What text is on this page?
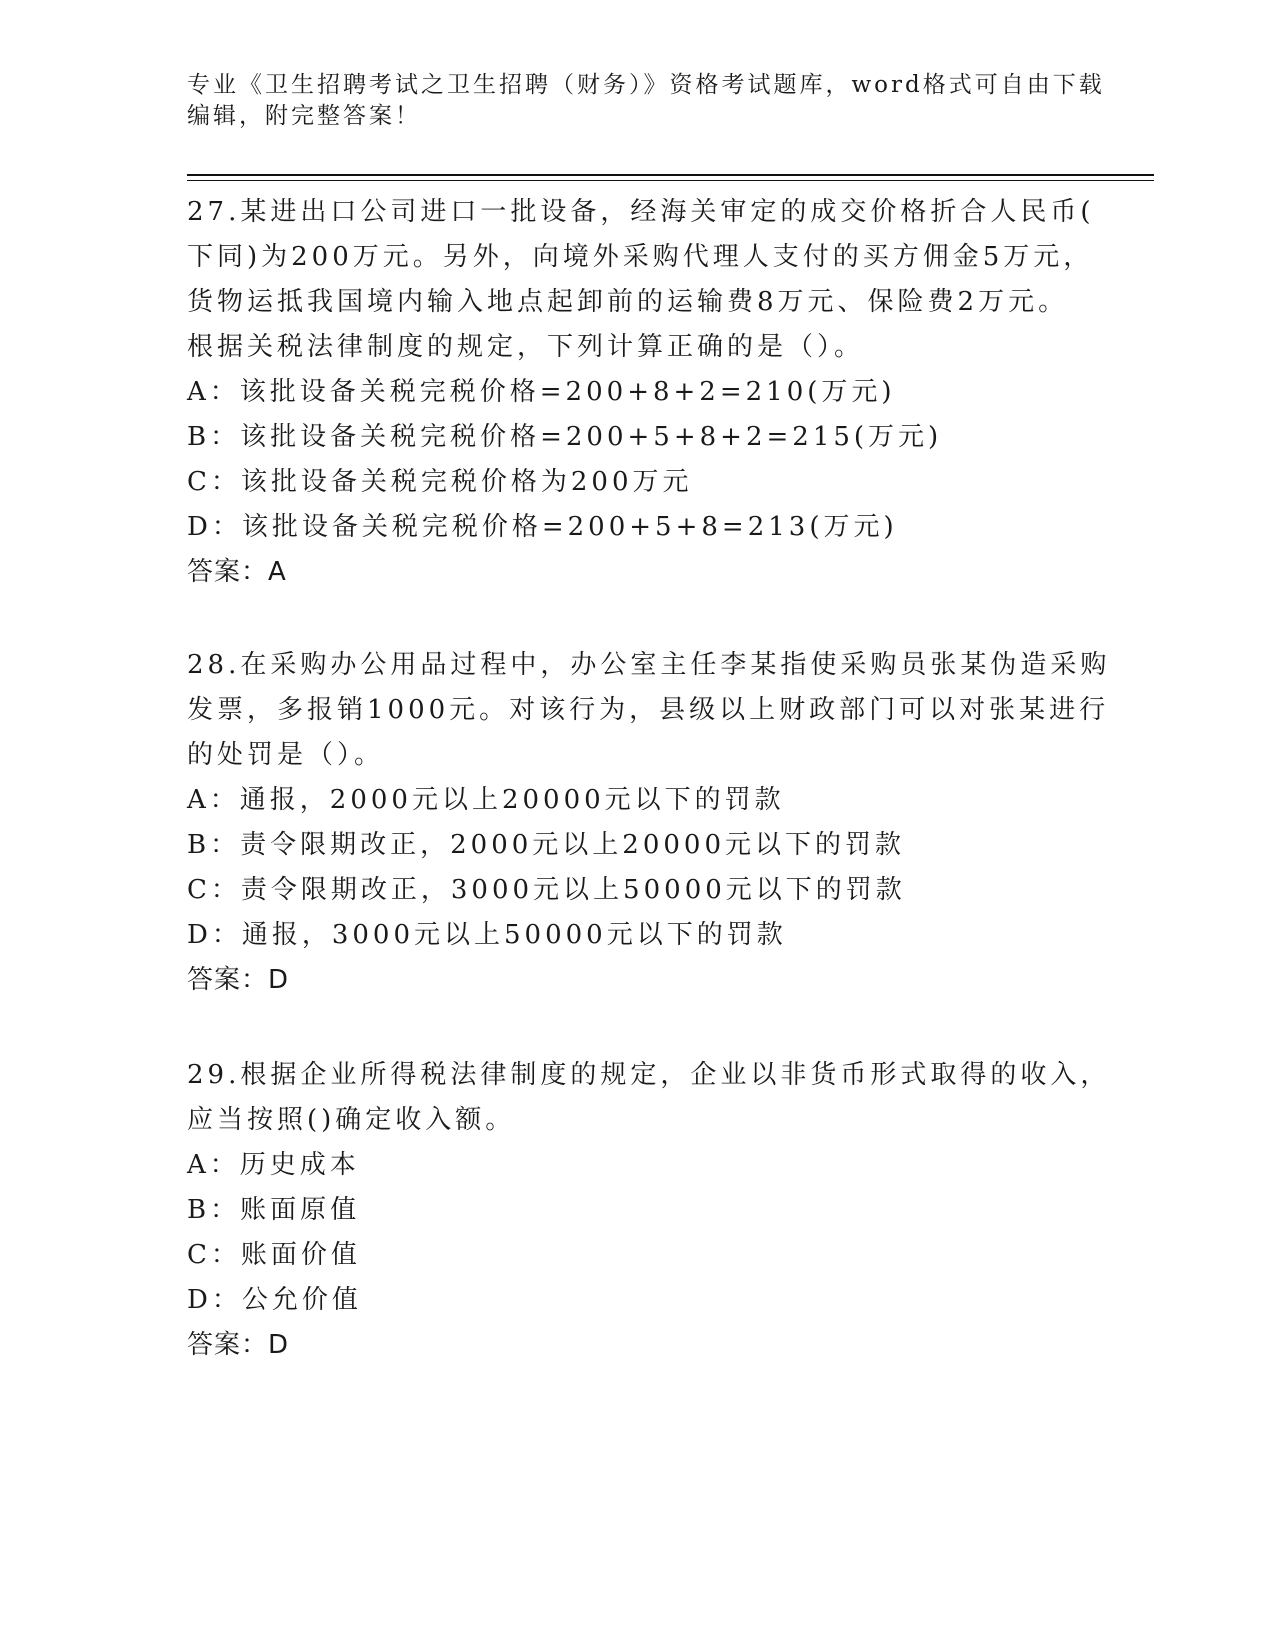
专业《卫生招聘考试之卫生招聘（财务）》资格考试题库，word格式可自由下载
编辑，附完整答案！
27.某进出口公司进口一批设备，经海关审定的成交价格折合人民币(
下同)为200万元。另外，向境外采购代理人支付的买方佣金5万元，
货物运抵我国境内输入地点起卸前的运输费8万元、保险费2万元。
根据关税法律制度的规定，下列计算正确的是（）。
A：该批设备关税完税价格=200+8+2=210(万元)
B：该批设备关税完税价格=200+5+8+2=215(万元)
C：该批设备关税完税价格为200万元
D：该批设备关税完税价格=200+5+8=213(万元)
答案：A
28.在采购办公用品过程中，办公室主任李某指使采购员张某伪造采购
发票，多报销1000元。对该行为，县级以上财政部门可以对张某进行
的处罚是（）。
A：通报，2000元以上20000元以下的罚款
B：责令限期改正，2000元以上20000元以下的罚款
C：责令限期改正，3000元以上50000元以下的罚款
D：通报，3000元以上50000元以下的罚款
答案：D
29.根据企业所得税法律制度的规定，企业以非货币形式取得的收入，
应当按照()确定收入额。
A：历史成本
B：账面原值
C：账面价值
D：公允价值
答案：D
